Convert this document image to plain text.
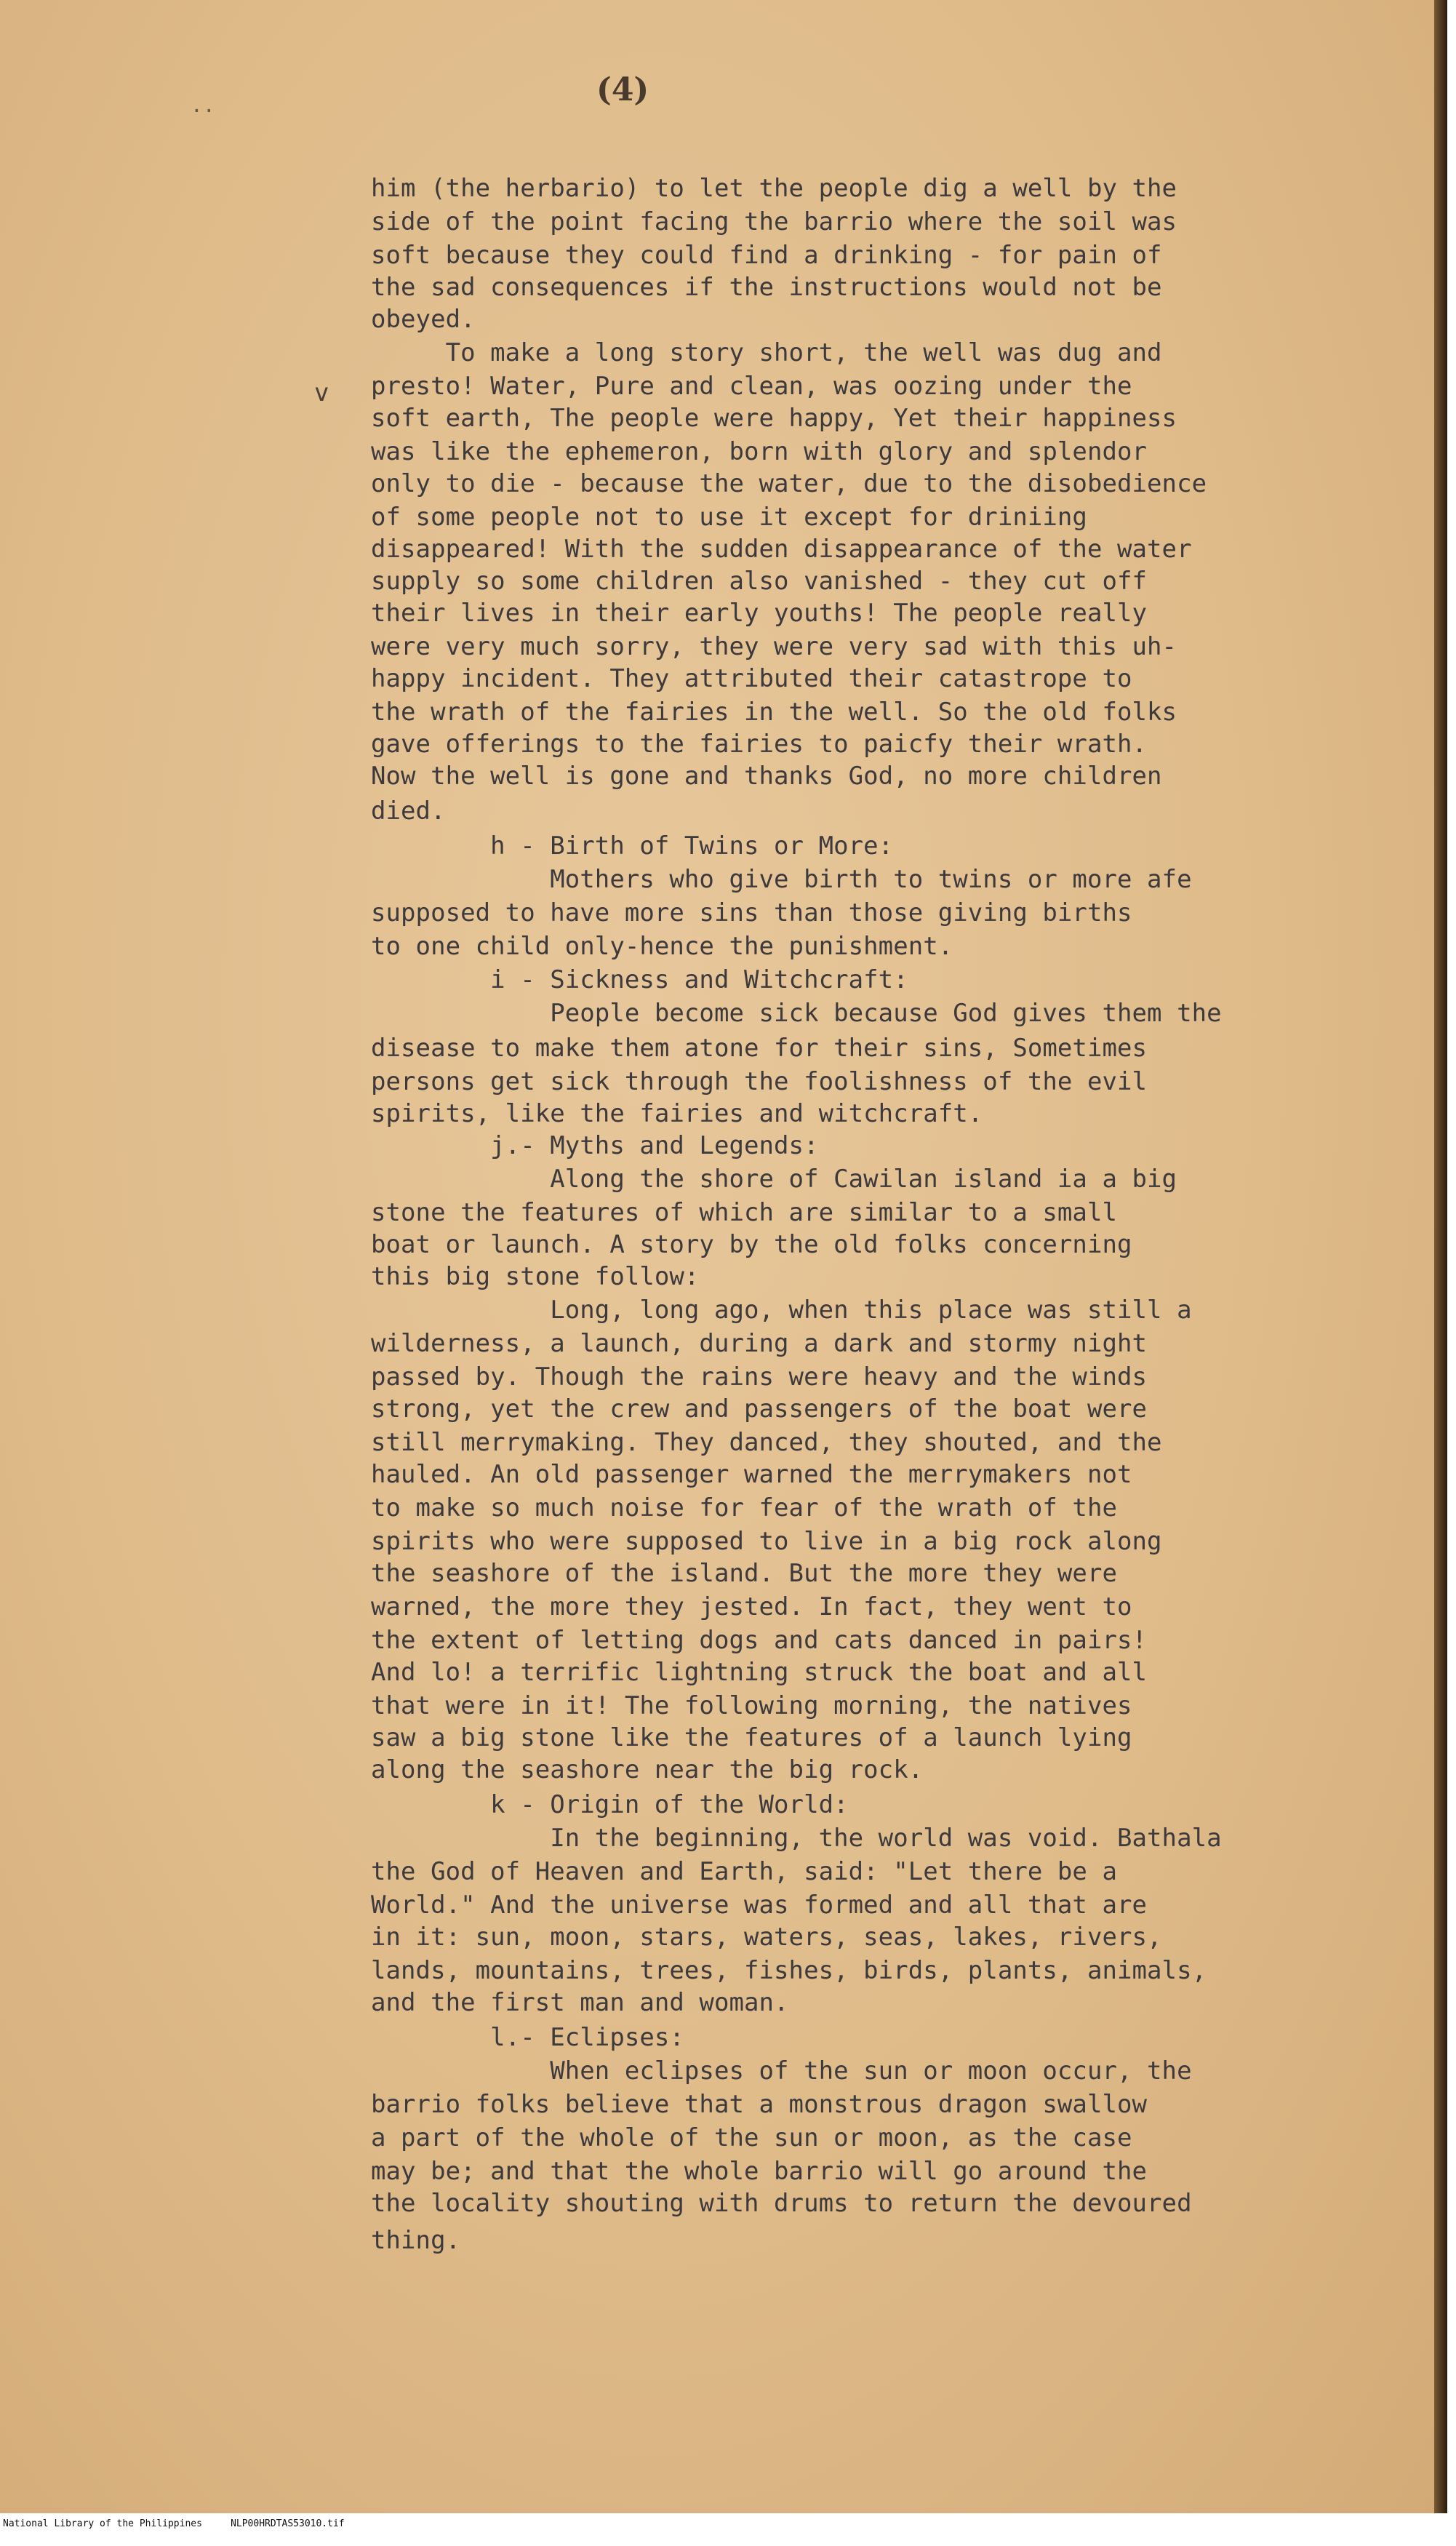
..	(4)
v

him (the herbario) to let the people dig a well by the

side of the point facing the barrio where the soil was

soft because they could find a drinking - for pain of

the sad consequences if the instructions would not be

obeyed.

To make a long story short, the well was dug and

presto! Water, Pure and clean, was oozing under the

soft earth, The people were happy, Yet their happiness

was like the ephemeron, born with glory and splendor

only to die - because the water, due to the disobedience

of some people not to use it except for driniing

disappeared! With the sudden disappearance of the water

supply so some children also vanished - they cut off

their lives in their early youths! The people really

were very much sorry, they were very sad with this uh-

happy incident. They attributed their catastrope to

the wrath of the fairies in the well. So the old folks

gave offerings to the fairies to paicfy their wrath.

Now the well is gone and thanks God, no more children

died.

h - Birth of Twins or More:

Mothers who give birth to twins or more afe

supposed to have more sins than those giving births

to one child only-hence the punishment.

i - Sickness and Witchcraft:

People become sick because God gives them the

disease to make them atone for their sins, Sometimes

persons get sick through the foolishness of the evil

spirits, like the fairies and witchcraft.

j.- Myths and Legends:

Along the shore of Cawilan island ia a big

stone the features of which are similar to a small

boat or launch. A story by the old folks concerning

this big stone follow:

Long, long ago, when this place was still a

wilderness, a launch, during a dark and stormy night

passed by. Though the rains were heavy and the winds

strong, yet the crew and passengers of the boat were

still merrymaking. They danced, they shouted, and the

hauled. An old passenger warned the merrymakers not

to make so much noise for fear of the wrath of the

spirits who were supposed to live in a big rock along

the seashore of the island. But the more they were

warned, the more they jested. In fact, they went to

the extent of letting dogs and cats danced in pairs!

And lo! a terrific lightning struck the boat and all

that were in it! The following morning, the natives

saw a big stone like the features of a launch lying

along the seashore near the big rock.

k - Origin of the World:

In the beginning, the world was void. Bathala

the God of Heaven and Earth, said: "Let there be a

World." And the universe was formed and all that are

in it: sun, moon, stars, waters, seas, lakes, rivers,

lands, mountains, trees, fishes, birds, plants, animals,

and the first man and woman.

l.- Eclipses:

When eclipses of the sun or moon occur, the

barrio folks believe that a monstrous dragon swallow

a part of the whole of the sun or moon, as the case

may be; and that the whole barrio will go around the

the locality shouting with drums to return the devoured

thing.

National Library of the Philippines	NLP00HRDTAS53010.tif
